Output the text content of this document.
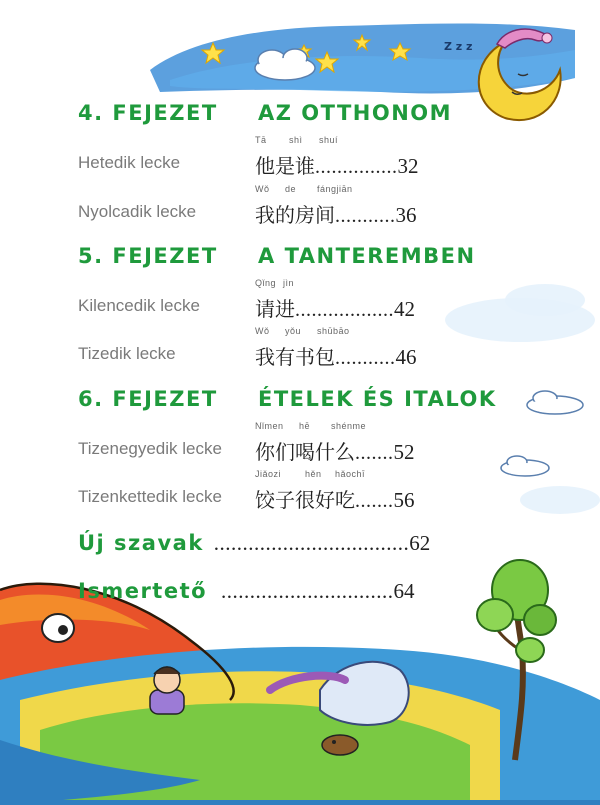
Z z z
4. FEJEZET AZ OTTHONOM
Hetedik lecke
Tā shì shuí
他是谁...............32
Nyolcadik lecke
Wǒ de fángjiān
我的房间...........36
5. FEJEZET A TANTEREMBEN
Kilencedik lecke
Qǐng jìn
请进..................42
Tizedik lecke
Wǒ yǒu shūbāo
我有书包...........46
6. FEJEZET ÉTELEK ÉS ITALOK
Tizenegyedik lecke
Nǐmen hē shénme
你们喝什么.......52
Tizenkettedik lecke
Jiǎozi	hěn hǎochī
饺子很好吃.......56
Új szavak ..................................62
Ismertető ..............................64
